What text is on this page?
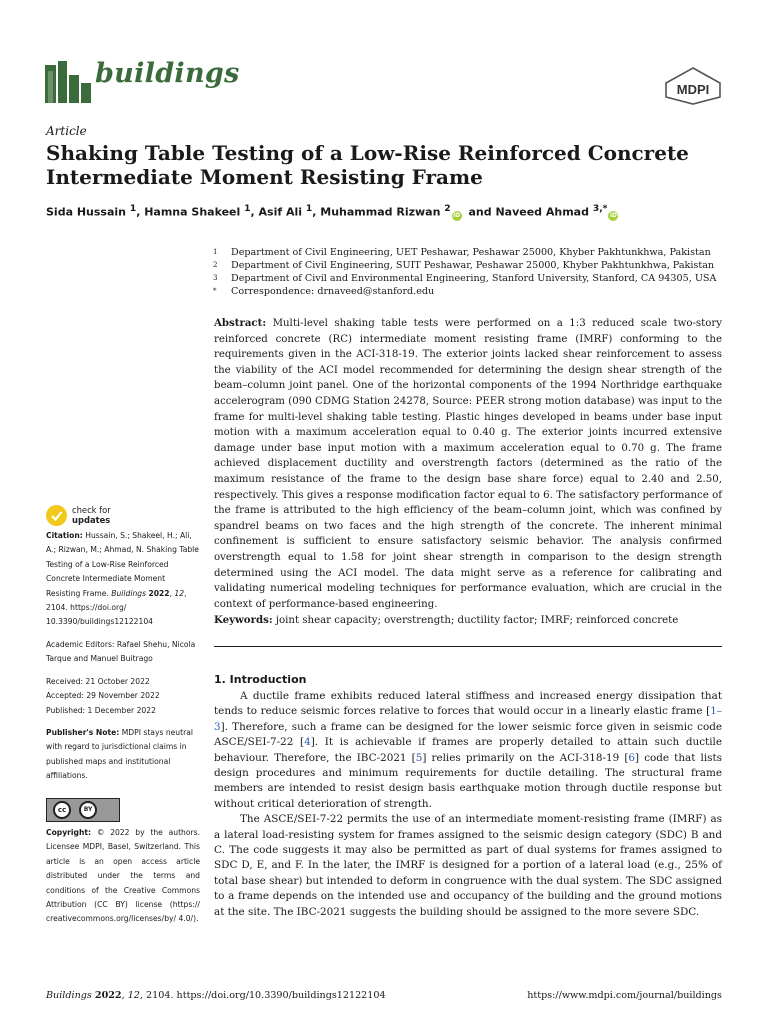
buildings
MDPI
Article
Shaking Table Testing of a Low-Rise Reinforced Concrete Intermediate Moment Resisting Frame
Sida Hussain $^1$, Hamna Shakeel $^1$, Asif Ali $^1$, Muhammad Rizwan $^2$iD and Naveed Ahmad $^{3,*}$iD
1	Department of Civil Engineering, UET Peshawar, Peshawar 25000, Khyber Pakhtunkhwa, Pakistan
2	Department of Civil Engineering, SUIT Peshawar, Peshawar 25000, Khyber Pakhtunkhwa, Pakistan
3	Department of Civil and Environmental Engineering, Stanford University, Stanford, CA 94305, USA
*	Correspondence: drnaveed@stanford.edu

Abstract: Multi-level shaking table tests were performed on a 1:3 reduced scale two-story reinforced concrete (RC) intermediate moment resisting frame (IMRF) conforming to the requirements given in the ACI-318-19. The exterior joints lacked shear reinforcement to assess the viability of the ACI model recommended for determining the design shear strength of the beam–column joint panel. One of the horizontal components of the 1994 Northridge earthquake accelerogram (090 CDMG Station 24278, Source: PEER strong motion database) was input to the frame for multi-level shaking table testing. Plastic hinges developed in beams under base input motion with a maximum acceleration equal to 0.40 g. The exterior joints incurred extensive damage under base input motion with a maximum acceleration equal to 0.70 g. The frame achieved displacement ductility and overstrength factors (determined as the ratio of the maximum resistance of the frame to the design base share force) equal to 2.40 and 2.50, respectively. This gives a response modification factor equal to 6. The satisfactory performance of the frame is attributed to the high efficiency of the beam–column joint, which was confined by spandrel beams on two faces and the high strength of the concrete. The inherent minimal confinement is sufficient to ensure satisfactory seismic behavior. The analysis confirmed overstrength equal to 1.58 for joint shear strength in comparison to the design strength determined using the ACI model. The data might serve as a reference for calibrating and validating numerical modeling techniques for performance evaluation, which are crucial in the context of performance-based engineering.

Keywords: joint shear capacity; overstrength; ductility factor; IMRF; reinforced concrete
1. Introduction

A ductile frame exhibits reduced lateral stiffness and increased energy dissipation that tends to reduce seismic forces relative to forces that would occur in a linearly elastic frame [1–3]. Therefore, such a frame can be designed for the lower seismic force given in seismic code ASCE/SEI-7-22 [4]. It is achievable if frames are properly detailed to attain such ductile behaviour. Therefore, the IBC-2021 [5] relies primarily on the ACI-318-19 [6] code that lists design procedures and minimum requirements for ductile detailing. The structural frame members are intended to resist design basis earthquake motion through ductile response but without critical deterioration of strength.

The ASCE/SEI-7-22 permits the use of an intermediate moment-resisting frame (IMRF) as a lateral load-resisting system for frames assigned to the seismic design category (SDC) B and C. The code suggests it may also be permitted as part of dual systems for frames assigned to SDC D, E, and F. In the later, the IMRF is designed for a portion of a lateral load (e.g., 25% of total base shear) but intended to deform in congruence with the dual system. The SDC assigned to a frame depends on the intended use and occupancy of the building and the ground motions at the site. The IBC-2021 suggests the building should be assigned to the more severe SDC.

check for
updates
Citation: Hussain, S.; Shakeel, H.; Ali, A.; Rizwan, M.; Ahmad, N. Shaking Table Testing of a Low-Rise Reinforced Concrete Intermediate Moment Resisting Frame. Buildings 2022, 12, 2104. https://doi.org/ 10.3390/buildings12122104
Academic Editors: Rafael Shehu, Nicola Tarque and Manuel Buitrago
Received: 21 October 2022
Accepted: 29 November 2022
Published: 1 December 2022
Publisher's Note: MDPI stays neutral with regard to jurisdictional claims in published maps and institutional affiliations.
cc	BY
Copyright: © 2022 by the authors. Licensee MDPI, Basel, Switzerland. This article is an open access article distributed under the terms and conditions of the Creative Commons Attribution (CC BY) license (https:// creativecommons.org/licenses/by/ 4.0/).
Buildings 2022, 12, 2104. https://doi.org/10.3390/buildings12122104	https://www.mdpi.com/journal/buildings
